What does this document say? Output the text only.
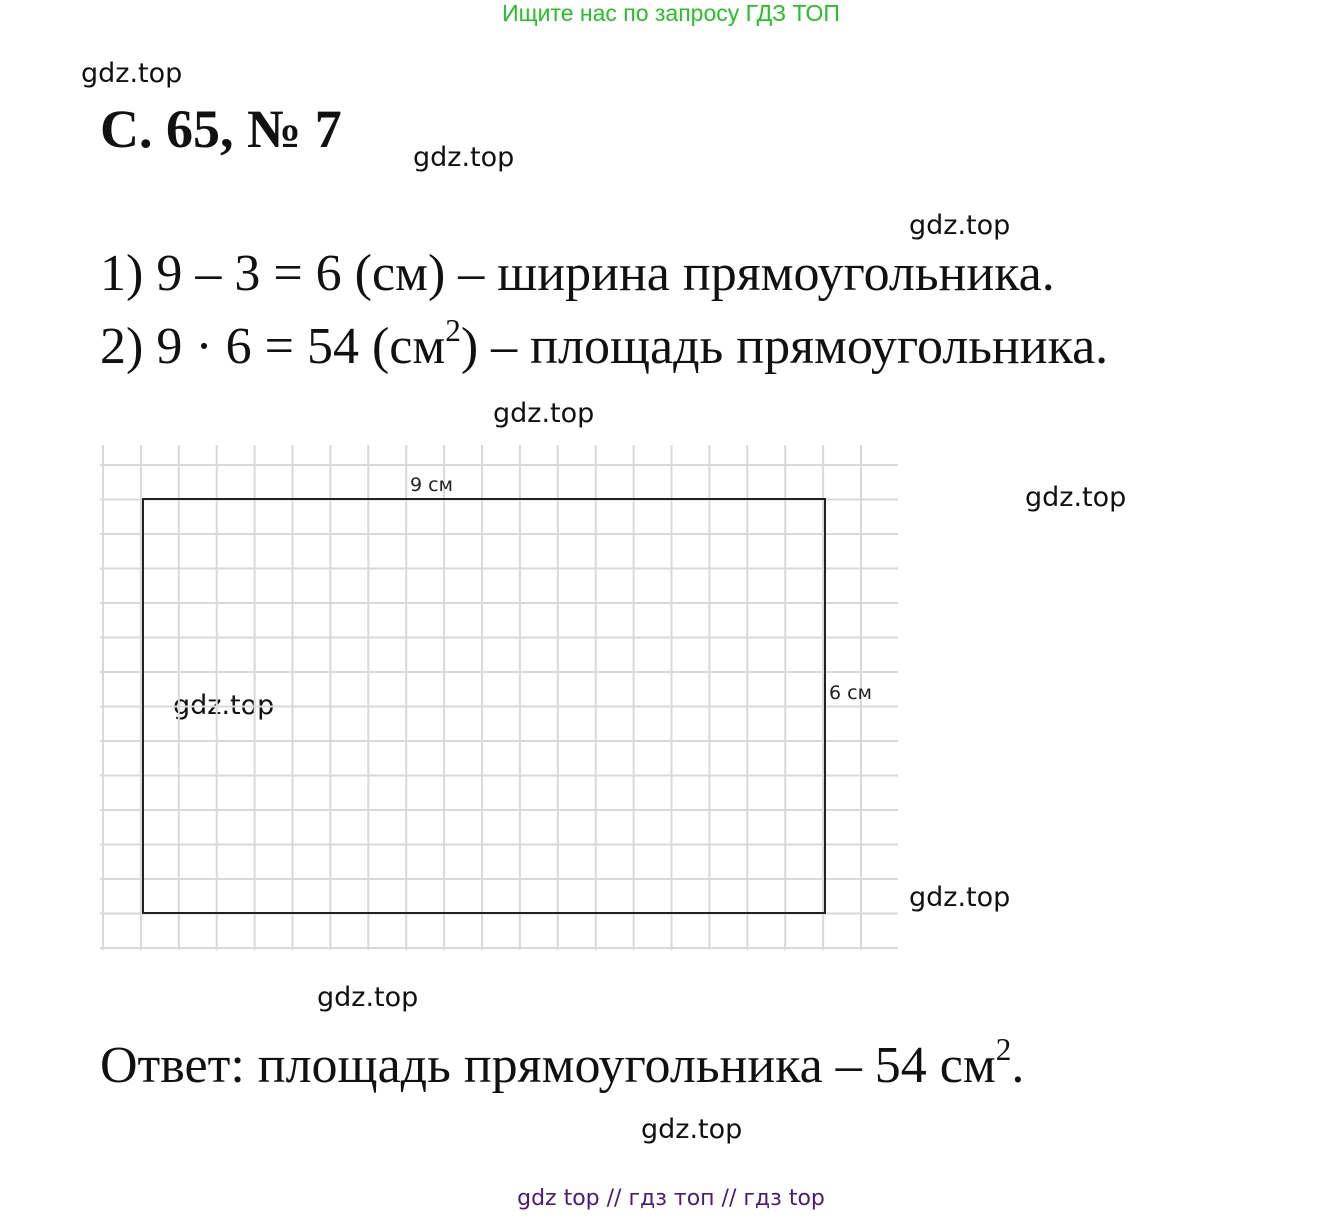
Ищите нас по запросу ГДЗ ТОП
gdz.top
gdz.top
gdz.top
gdz.top
gdz.top
gdz.top
gdz.top
gdz.top
gdz.top
С. 65, № 7
1) 9 – 3 = 6 (см) – ширина прямоугольника.
2) 9 · 6 = 54 $(см^2)$ – площадь прямоугольника.
9 см
6 см
Ответ: площадь прямоугольника – 54 $см^2$.
gdz top // гдз топ // гдз top
